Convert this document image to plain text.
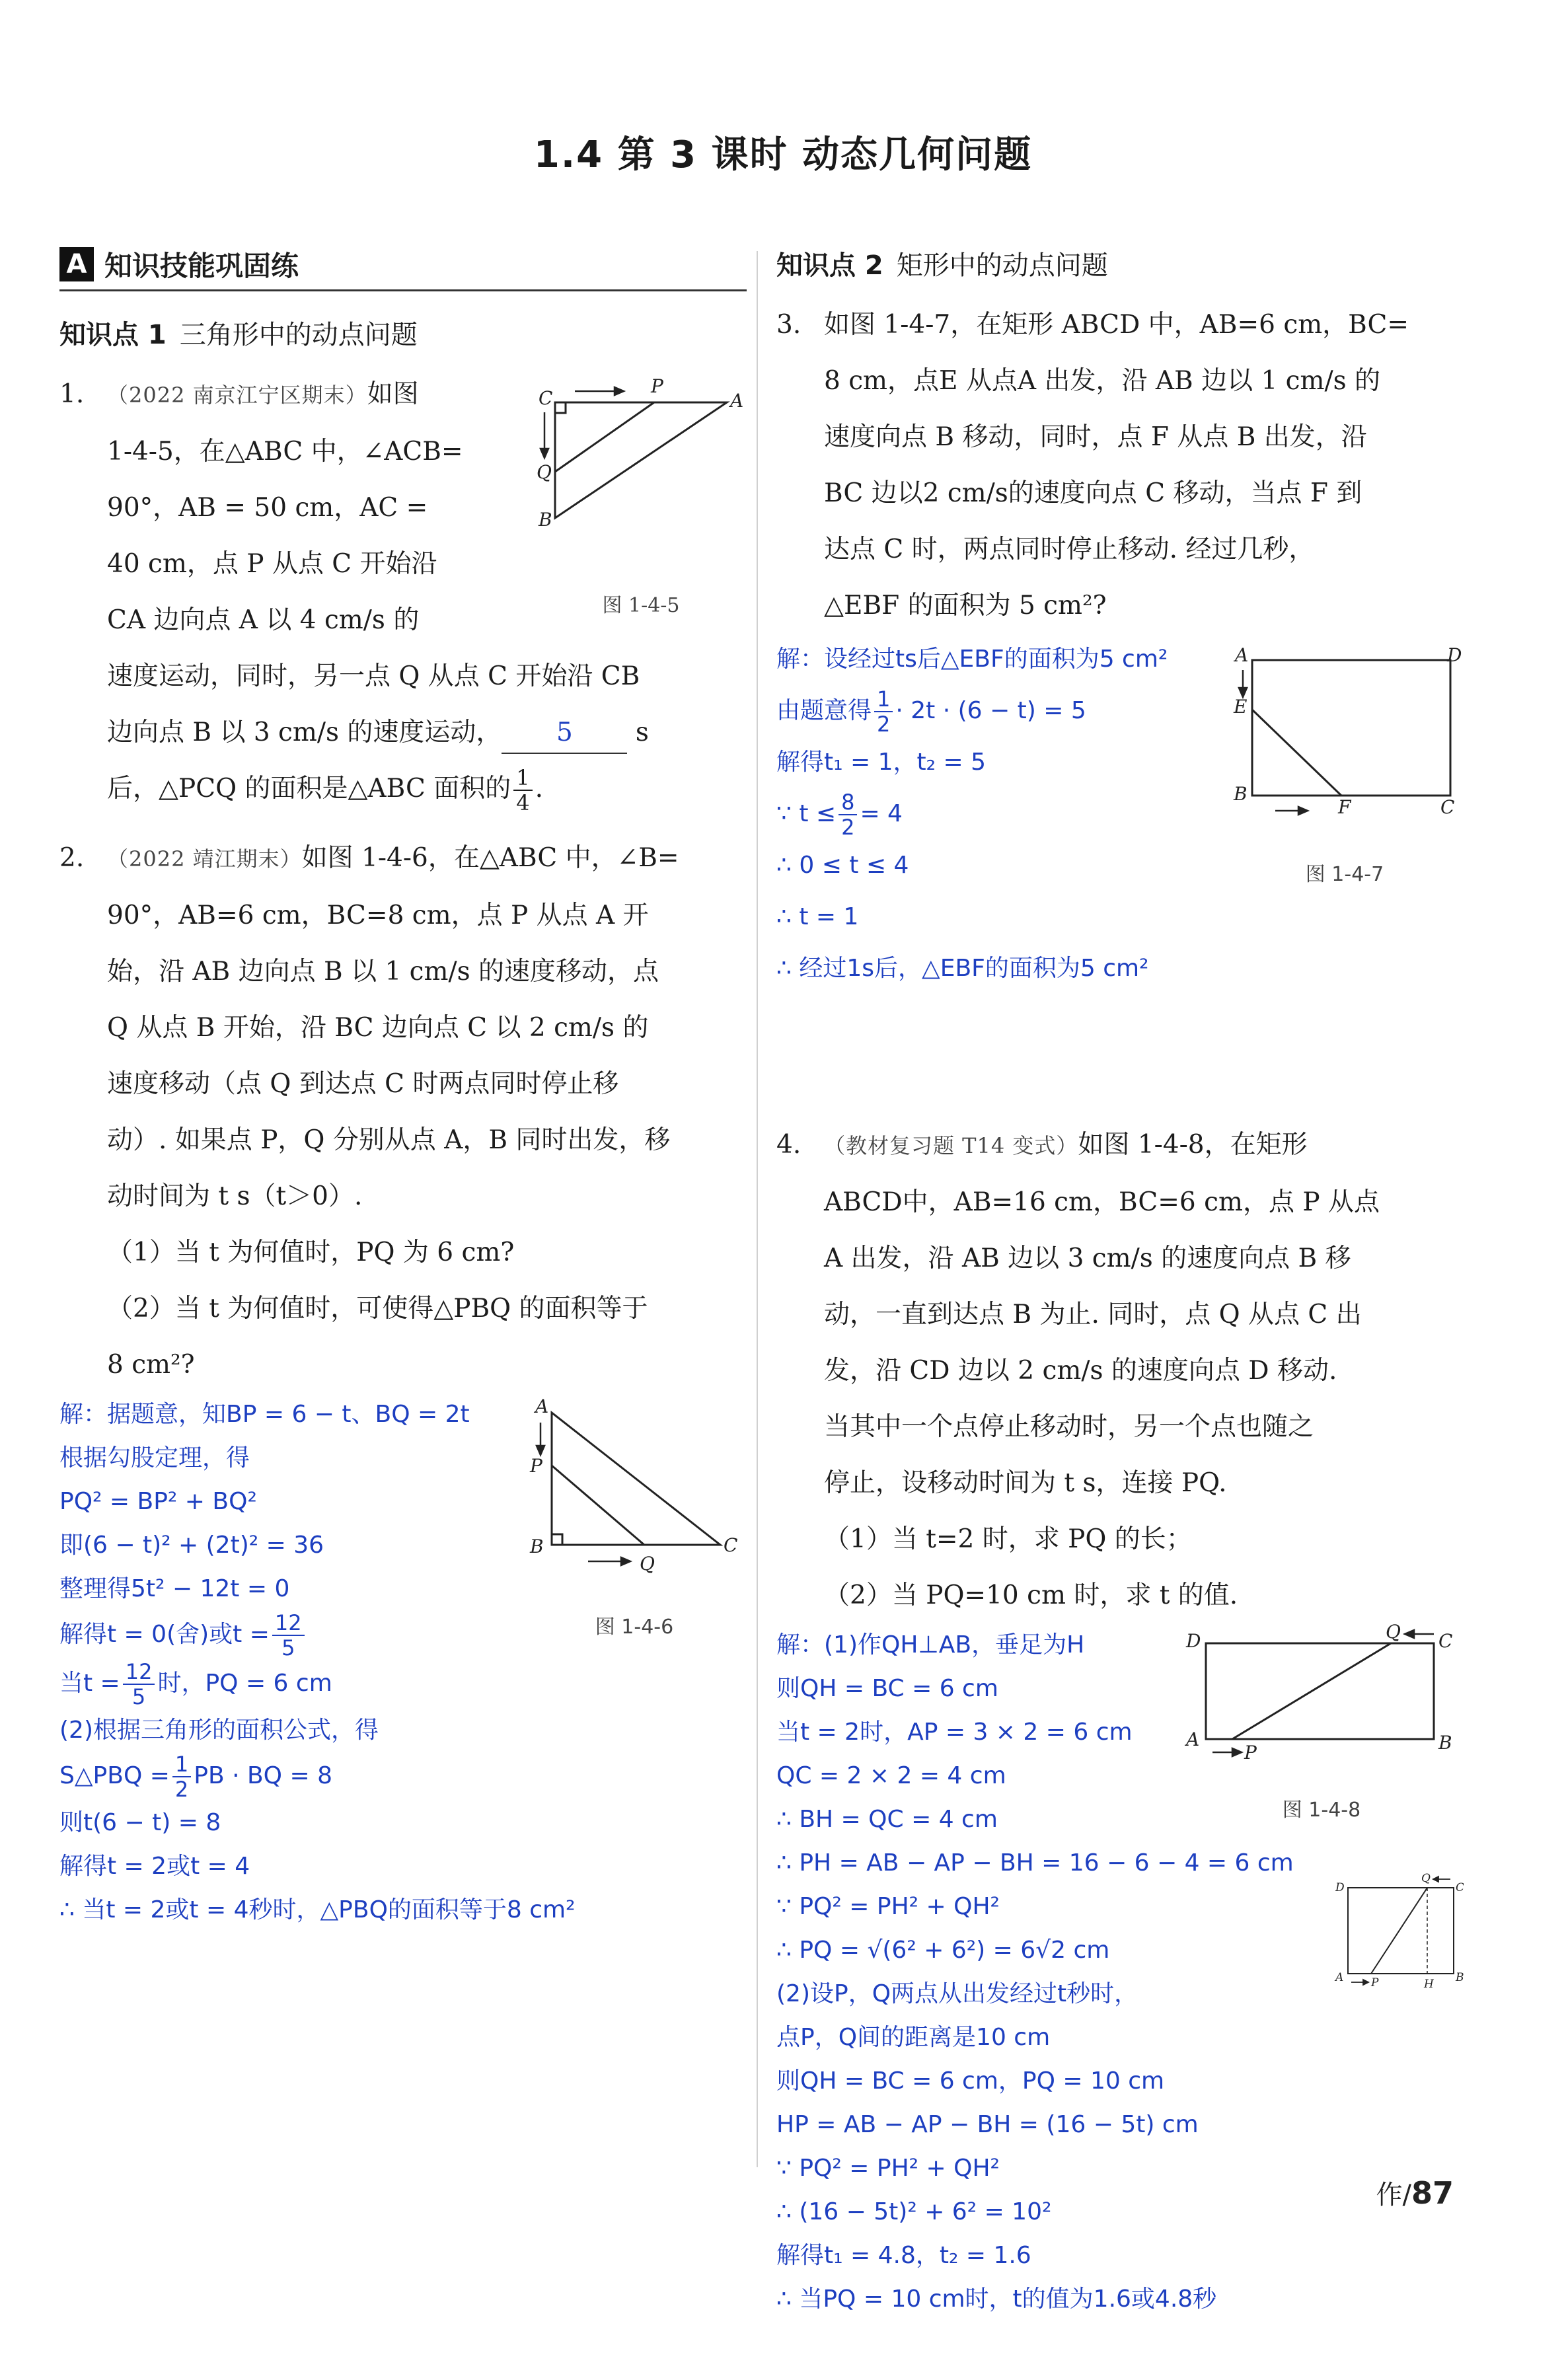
1.4 第 3 课时 动态几何问题
A 知识技能巩固练
知识点 1 三角形中的动点问题

1. （2022 南京江宁区期末）如图

1-4-5，在△ABC 中，∠ACB=

90°，AB = 50 cm，AC =

40 cm，点 P 从点 C 开始沿

CA 边向点 A 以 4 cm/s 的

速度运动，同时，另一点 Q 从点 C 开始沿 CB

边向点 B 以 3 cm/s 的速度运动， 5 s

后，△PCQ 的面积是△ABC 面积的 $\frac{1}{4}$ .

C
P
A
Q
B
图 1-4-5

2. （2022 靖江期末）如图 1-4-6，在△ABC 中，∠B=

90°，AB=6 cm，BC=8 cm，点 P 从点 A 开

始，沿 AB 边向点 B 以 1 cm/s 的速度移动，点

Q 从点 B 开始，沿 BC 边向点 C 以 2 cm/s 的

速度移动（点 Q 到达点 C 时两点同时停止移

动）. 如果点 P，Q 分别从点 A，B 同时出发，移

动时间为 t s（t＞0）.

（1）当 t 为何值时，PQ 为 6 cm?

（2）当 t 为何值时，可使得△PBQ 的面积等于

8 cm²?

解：据题意，知BP = 6 − t、BQ = 2t

根据勾股定理，得

PQ² = BP² + BQ²

即(6 − t)² + (2t)² = 36

整理得5t² − 12t = 0

解得t = 0(舍)或$t = \frac{12}{5}$

当$t = \frac{12}{5}$ 时，PQ = 6 cm

(2)根据三角形的面积公式，得

S△PBQ = $\frac{1}{2}$ PB · BQ = 8

则t(6 − t) = 8

解得t = 2或t = 4

∴ 当t = 2或t = 4秒时，△PBQ的面积等于8 cm²

A
P
B
Q
C
图 1-4-6
知识点 2 矩形中的动点问题

3. 如图 1-4-7，在矩形 ABCD 中，AB=6 cm，BC=

8 cm，点E 从点A 出发，沿 AB 边以 1 cm/s 的

速度向点 B 移动，同时，点 F 从点 B 出发，沿

BC 边以2 cm/s的速度向点 C 移动，当点 F 到

达点 C 时，两点同时停止移动. 经过几秒，

△EBF 的面积为 5 cm²?

解：设经过ts后△EBF的面积为5 cm²

由题意得 $\frac{1}{2} \cdot 2t \cdot (6 - t) = 5$

解得t₁ = 1，t₂ = 5

∵ $t \le \frac{8}{2} = 4$

∴ 0 ≤ t ≤ 4

∴ t = 1

∴ 经过1s后，△EBF的面积为5 cm²

A	D
E
B
F	C
图 1-4-7

4. （教材复习题 T14 变式）如图 1-4-8，在矩形

ABCD中，AB=16 cm，BC=6 cm，点 P 从点

A 出发，沿 AB 边以 3 cm/s 的速度向点 B 移

动，一直到达点 B 为止. 同时，点 Q 从点 C 出

发，沿 CD 边以 2 cm/s 的速度向点 D 移动.

当其中一个点停止移动时，另一个点也随之

停止，设移动时间为 t s，连接 PQ.

（1）当 t=2 时，求 PQ 的长；

（2）当 PQ=10 cm 时，求 t 的值.

解：(1)作QH⊥AB，垂足为H

则QH = BC = 6 cm

当t = 2时，AP = 3 × 2 = 6 cm

QC = 2 × 2 = 4 cm

∴ BH = QC = 4 cm

∴ PH = AB − AP − BH = 16 − 6 − 4 = 6 cm

∵ PQ² = PH² + QH²

∴ PQ = √(6² + 6²) = 6√2 cm

(2)设P，Q两点从出发经过t秒时，

点P，Q间的距离是10 cm

则QH = BC = 6 cm，PQ = 10 cm

HP = AB − AP − BH = (16 − 5t) cm

∵ PQ² = PH² + QH²

∴ (16 − 5t)² + 6² = 10²

解得t₁ = 4.8，t₂ = 1.6

∴ 当PQ = 10 cm时，t的值为1.6或4.8秒

D	Q C
A
P	B
图 1-4-8
D
Q
C
A P	H B
作/87
